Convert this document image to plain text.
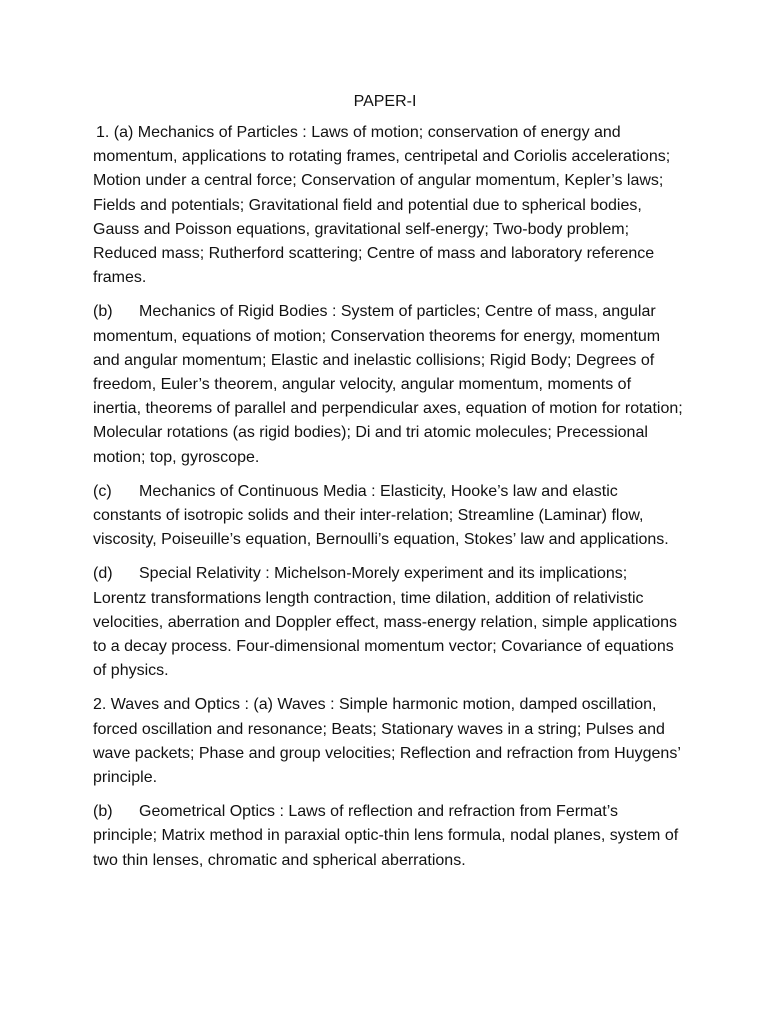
PAPER-I

1. (a) Mechanics of Particles : Laws of motion; conservation of energy and momentum, applications to rotating frames, centripetal and Coriolis accelerations; Motion under a central force; Conservation of angular momentum, Kepler’s laws; Fields and potentials; Gravitational field and potential due to spherical bodies, Gauss and Poisson equations, gravitational self-energy; Two-body problem; Reduced mass; Rutherford scattering; Centre of mass and laboratory reference frames.

(b) Mechanics of Rigid Bodies : System of particles; Centre of mass, angular momentum, equations of motion; Conservation theorems for energy, momentum and angular momentum; Elastic and inelastic collisions; Rigid Body; Degrees of freedom, Euler’s theorem, angular velocity, angular momentum, moments of inertia, theorems of parallel and perpendicular axes, equation of motion for rotation; Molecular rotations (as rigid bodies); Di and tri atomic molecules; Precessional motion; top, gyroscope.

(c) Mechanics of Continuous Media : Elasticity, Hooke’s law and elastic constants of isotropic solids and their inter-relation; Streamline (Laminar) flow, viscosity, Poiseuille’s equation, Bernoulli’s equation, Stokes’ law and applications.

(d) Special Relativity : Michelson-Morely experiment and its implications; Lorentz transformations length contraction, time dilation, addition of relativistic velocities, aberration and Doppler effect, mass-energy relation, simple applications to a decay process. Four-dimensional momentum vector; Covariance of equations of physics.

2. Waves and Optics : (a) Waves : Simple harmonic motion, damped oscillation, forced oscillation and resonance; Beats; Stationary waves in a string; Pulses and wave packets; Phase and group velocities; Reflection and refraction from Huygens’ principle.

(b) Geometrical Optics : Laws of reflection and refraction from Fermat’s principle; Matrix method in paraxial optic-thin lens formula, nodal planes, system of two thin lenses, chromatic and spherical aberrations.
